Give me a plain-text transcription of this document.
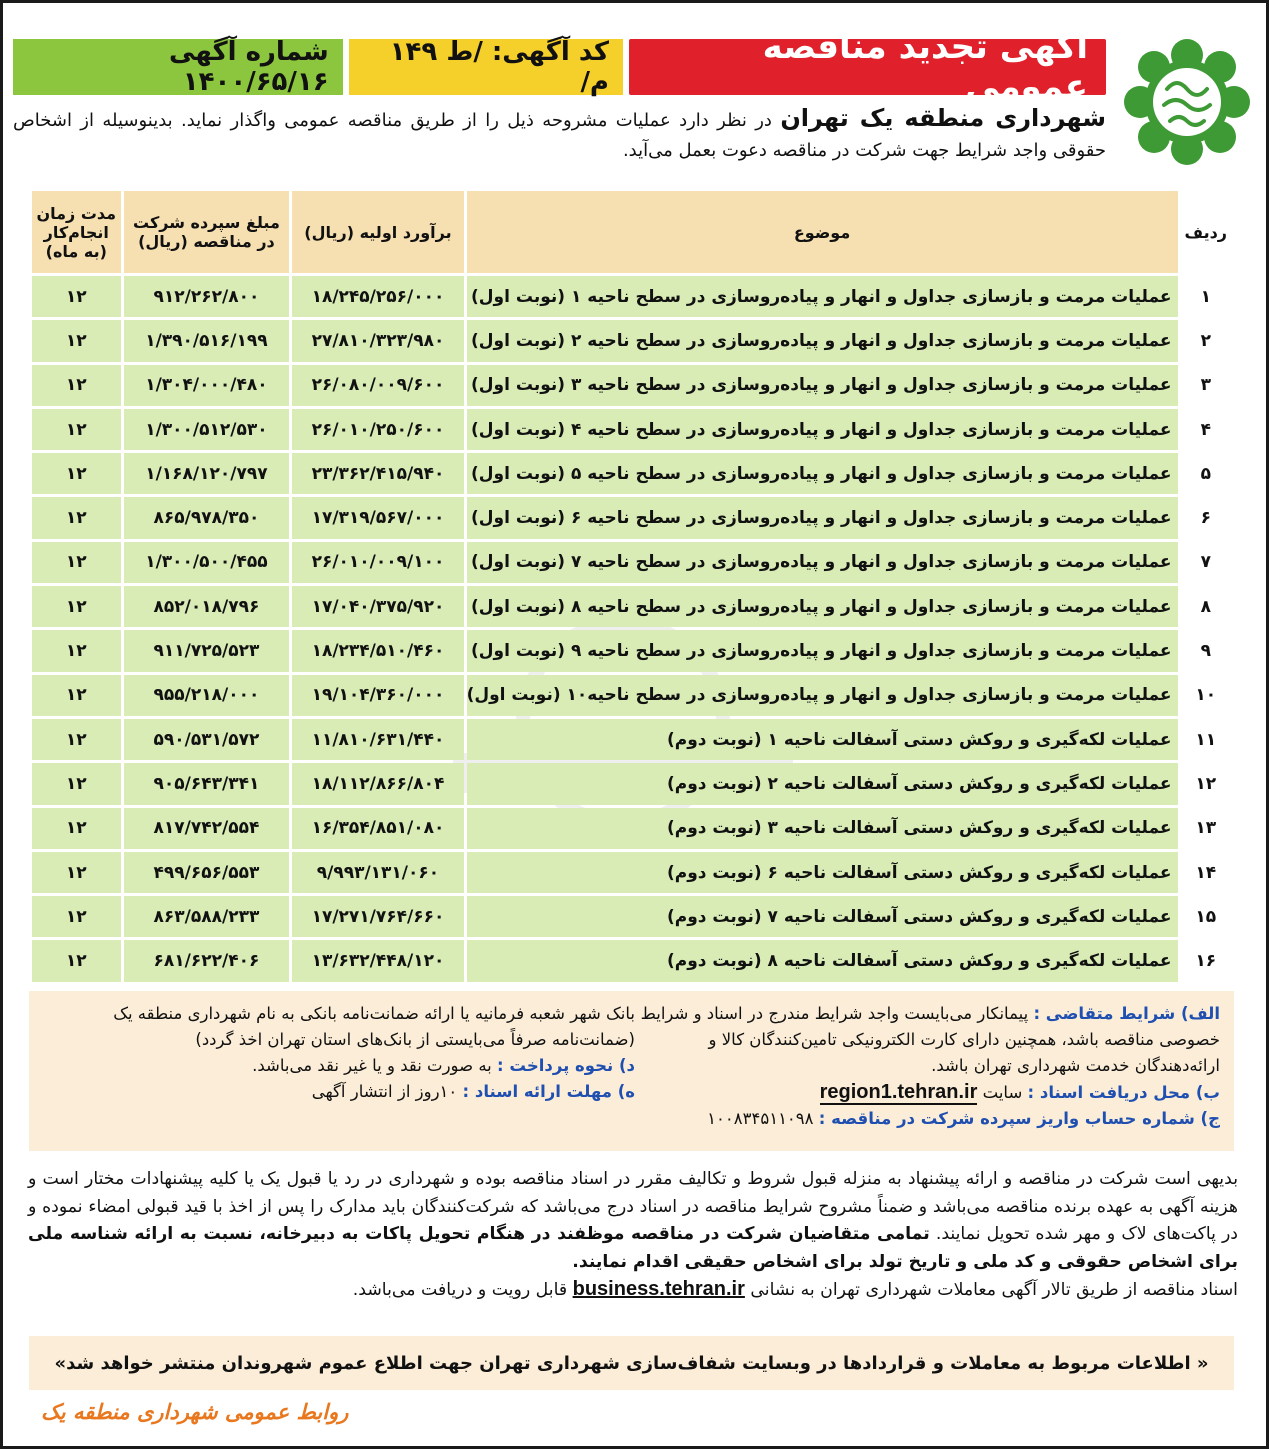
آگهی تجدید مناقصه عمومی
کد آگهی: /ط ۱۴۹ م/
شماره آگهی ۱۴۰۰/۶۵/۱۶
شهرداری منطقه یک تهران در نظر دارد عملیات مشروحه ذیل را از طریق مناقصه عمومی واگذار نماید. بدینوسیله از اشخاص حقوقی واجد شرایط جهت شرکت در مناقصه دعوت بعمل می‌آید.
ردیف	موضوع	برآورد اولیه (ریال)	مبلغ سپرده شرکت در مناقصه (ریال)	مدت زمان انجام‌کار (به ماه)
۱	عملیات مرمت و بازسازی جداول و انهار و پیاده‌روسازی در سطح ناحیه ۱ (نوبت اول)	۱۸/۲۴۵/۲۵۶/۰۰۰	۹۱۲/۲۶۲/۸۰۰	۱۲
۲	عملیات مرمت و بازسازی جداول و انهار و پیاده‌روسازی در سطح ناحیه ۲ (نوبت اول)	۲۷/۸۱۰/۳۲۳/۹۸۰	۱/۳۹۰/۵۱۶/۱۹۹	۱۲
۳	عملیات مرمت و بازسازی جداول و انهار و پیاده‌روسازی در سطح ناحیه ۳ (نوبت اول)	۲۶/۰۸۰/۰۰۹/۶۰۰	۱/۳۰۴/۰۰۰/۴۸۰	۱۲
۴	عملیات مرمت و بازسازی جداول و انهار و پیاده‌روسازی در سطح ناحیه ۴ (نوبت اول)	۲۶/۰۱۰/۲۵۰/۶۰۰	۱/۳۰۰/۵۱۲/۵۳۰	۱۲
۵	عملیات مرمت و بازسازی جداول و انهار و پیاده‌روسازی در سطح ناحیه ۵ (نوبت اول)	۲۳/۳۶۲/۴۱۵/۹۴۰	۱/۱۶۸/۱۲۰/۷۹۷	۱۲
۶	عملیات مرمت و بازسازی جداول و انهار و پیاده‌روسازی در سطح ناحیه ۶ (نوبت اول)	۱۷/۳۱۹/۵۶۷/۰۰۰	۸۶۵/۹۷۸/۳۵۰	۱۲
۷	عملیات مرمت و بازسازی جداول و انهار و پیاده‌روسازی در سطح ناحیه ۷ (نوبت اول)	۲۶/۰۱۰/۰۰۹/۱۰۰	۱/۳۰۰/۵۰۰/۴۵۵	۱۲
۸	عملیات مرمت و بازسازی جداول و انهار و پیاده‌روسازی در سطح ناحیه ۸ (نوبت اول)	۱۷/۰۴۰/۳۷۵/۹۲۰	۸۵۲/۰۱۸/۷۹۶	۱۲
۹	عملیات مرمت و بازسازی جداول و انهار و پیاده‌روسازی در سطح ناحیه ۹ (نوبت اول)	۱۸/۲۳۴/۵۱۰/۴۶۰	۹۱۱/۷۲۵/۵۲۳	۱۲
۱۰	عملیات مرمت و بازسازی جداول و انهار و پیاده‌روسازی در سطح ناحیه۱۰ (نوبت اول)	۱۹/۱۰۴/۳۶۰/۰۰۰	۹۵۵/۲۱۸/۰۰۰	۱۲
۱۱	عملیات لکه‌گیری و روکش دستی آسفالت ناحیه ۱ (نوبت دوم)	۱۱/۸۱۰/۶۳۱/۴۴۰	۵۹۰/۵۳۱/۵۷۲	۱۲
۱۲	عملیات لکه‌گیری و روکش دستی آسفالت ناحیه ۲ (نوبت دوم)	۱۸/۱۱۲/۸۶۶/۸۰۴	۹۰۵/۶۴۳/۳۴۱	۱۲
۱۳	عملیات لکه‌گیری و روکش دستی آسفالت ناحیه ۳ (نوبت دوم)	۱۶/۳۵۴/۸۵۱/۰۸۰	۸۱۷/۷۴۲/۵۵۴	۱۲
۱۴	عملیات لکه‌گیری و روکش دستی آسفالت ناحیه ۶ (نوبت دوم)	۹/۹۹۳/۱۳۱/۰۶۰	۴۹۹/۶۵۶/۵۵۳	۱۲
۱۵	عملیات لکه‌گیری و روکش دستی آسفالت ناحیه ۷ (نوبت دوم)	۱۷/۲۷۱/۷۶۴/۶۶۰	۸۶۳/۵۸۸/۲۳۳	۱۲
۱۶	عملیات لکه‌گیری و روکش دستی آسفالت ناحیه ۸ (نوبت دوم)	۱۳/۶۳۲/۴۴۸/۱۲۰	۶۸۱/۶۲۲/۴۰۶	۱۲
الف) شرایط متقاضی : پیمانکار می‌بایست واجد شرایط مندرج در اسناد و شرایط خصوصی مناقصه باشد، همچنین دارای کارت الکترونیکی تامین‌کنندگان کالا و ارائه‌دهندگان خدمت شهرداری تهران باشد.
ب) محل دریافت اسناد : سایت region1.tehran.ir
ج) شماره حساب واریز سپرده شرکت در مناقصه : ۱۰۰۸۳۴۵۱۱۰۹۸
بانک شهر شعبه فرمانیه یا ارائه ضمانت‌نامه بانکی به نام شهرداری منطقه یک (ضمانت‌نامه صرفاً می‌بایستی از بانک‌های استان تهران اخذ گردد)
د) نحوه پرداخت : به صورت نقد و یا غیر نقد می‌باشد.
ه) مهلت ارائه اسناد : ۱۰روز از انتشار آگهی
بدیهی است شرکت در مناقصه و ارائه پیشنهاد به منزله قبول شروط و تکالیف مقرر در اسناد مناقصه بوده و شهرداری در رد یا قبول یک یا کلیه پیشنهادات مختار است و هزینه آگهی به عهده برنده مناقصه می‌باشد و ضمناً مشروح شرایط مناقصه در اسناد درج می‌باشد که شرکت‌کنندگان باید مدارک را پس از اخذ با قید قبولی امضاء نموده و در پاکت‌های لاک و مهر شده تحویل نمایند. تمامی متقاضیان شرکت در مناقصه موظفند در هنگام تحویل پاکات به دبیرخانه، نسبت به ارائه شناسه ملی برای اشخاص حقوقی و کد ملی و تاریخ تولد برای اشخاص حقیقی اقدام نمایند.
اسناد مناقصه از طریق تالار آگهی معاملات شهرداری تهران به نشانی business.tehran.ir قابل رویت و دریافت می‌باشد.
« اطلاعات مربوط به معاملات و قراردادها در وبسایت شفاف‌سازی شهرداری تهران جهت اطلاع عموم شهروندان منتشر خواهد شد»
روابط عمومی شهرداری منطقه یک
